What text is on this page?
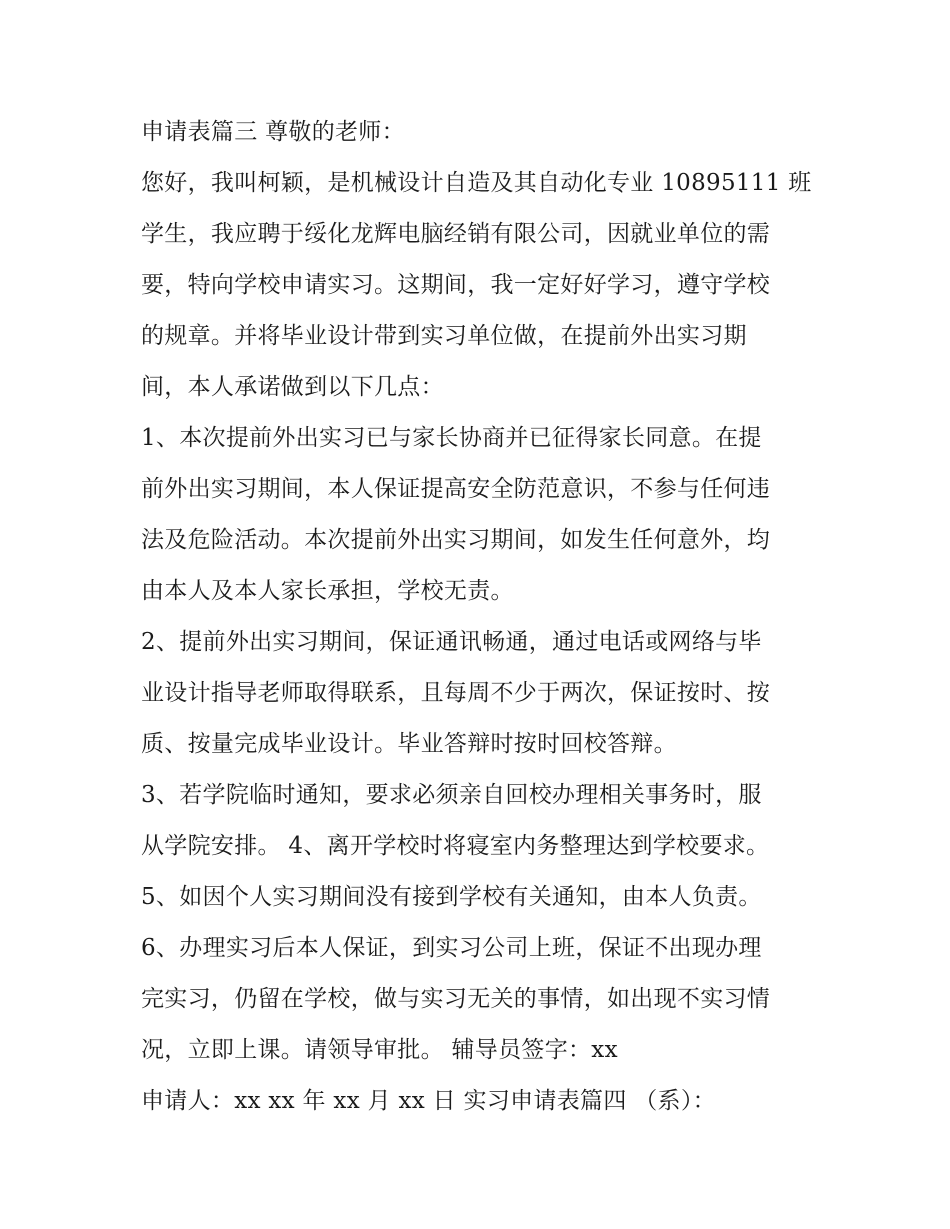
申请表篇三 尊敬的老师：
您好，我叫柯颖，是机械设计自造及其自动化专业 10895111 班
学生，我应聘于绥化龙辉电脑经销有限公司，因就业单位的需
要，特向学校申请实习。这期间，我一定好好学习，遵守学校
的规章。并将毕业设计带到实习单位做，在提前外出实习期
间，本人承诺做到以下几点：
1、本次提前外出实习已与家长协商并已征得家长同意。在提
前外出实习期间，本人保证提高安全防范意识，不参与任何违
法及危险活动。本次提前外出实习期间，如发生任何意外，均
由本人及本人家长承担，学校无责。
2、提前外出实习期间，保证通讯畅通，通过电话或网络与毕
业设计指导老师取得联系，且每周不少于两次，保证按时、按
质、按量完成毕业设计。毕业答辩时按时回校答辩。
3、若学院临时通知，要求必须亲自回校办理相关事务时，服
从学院安排。 4、离开学校时将寝室内务整理达到学校要求。
5、如因个人实习期间没有接到学校有关通知，由本人负责。
6、办理实习后本人保证，到实习公司上班，保证不出现办理
完实习，仍留在学校，做与实习无关的事情，如出现不实习情
况，立即上课。请领导审批。 辅导员签字：xx
申请人：xx xx 年 xx 月 xx 日 实习申请表篇四 （系）：
